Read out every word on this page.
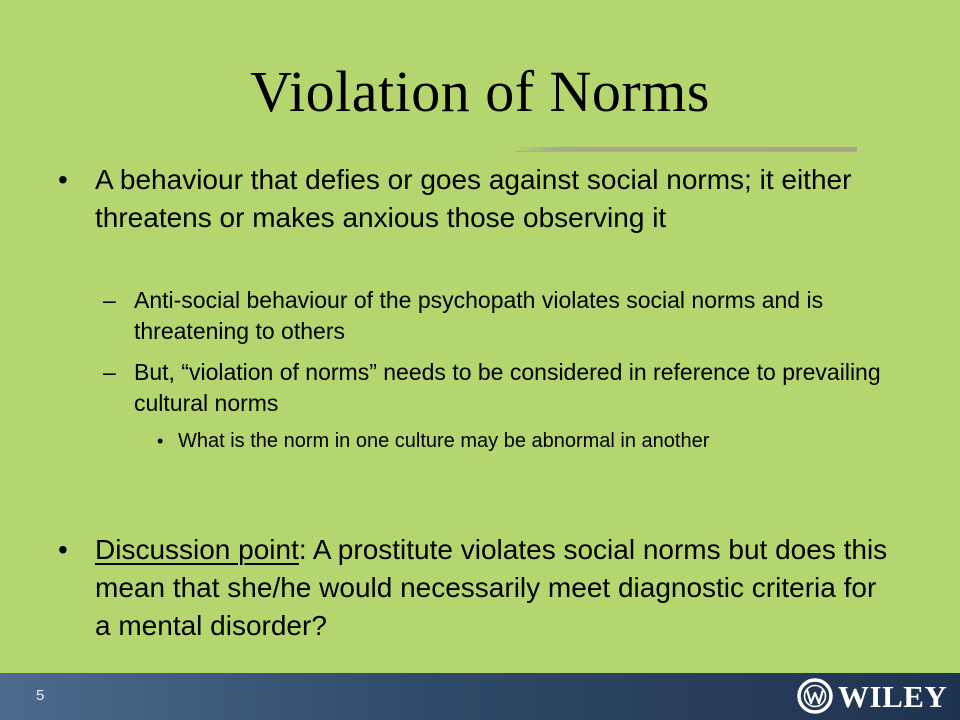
Violation of Norms
• A behaviour that defies or goes against social norms; it either threatens or makes anxious those observing it
– Anti-social behaviour of the psychopath violates social norms and is threatening to others
– But, “violation of norms” needs to be considered in reference to prevailing cultural norms
• What is the norm in one culture may be abnormal in another
• Discussion point: A prostitute violates social norms but does this mean that she/he would necessarily meet diagnostic criteria for a mental disorder?
5	WILEY
